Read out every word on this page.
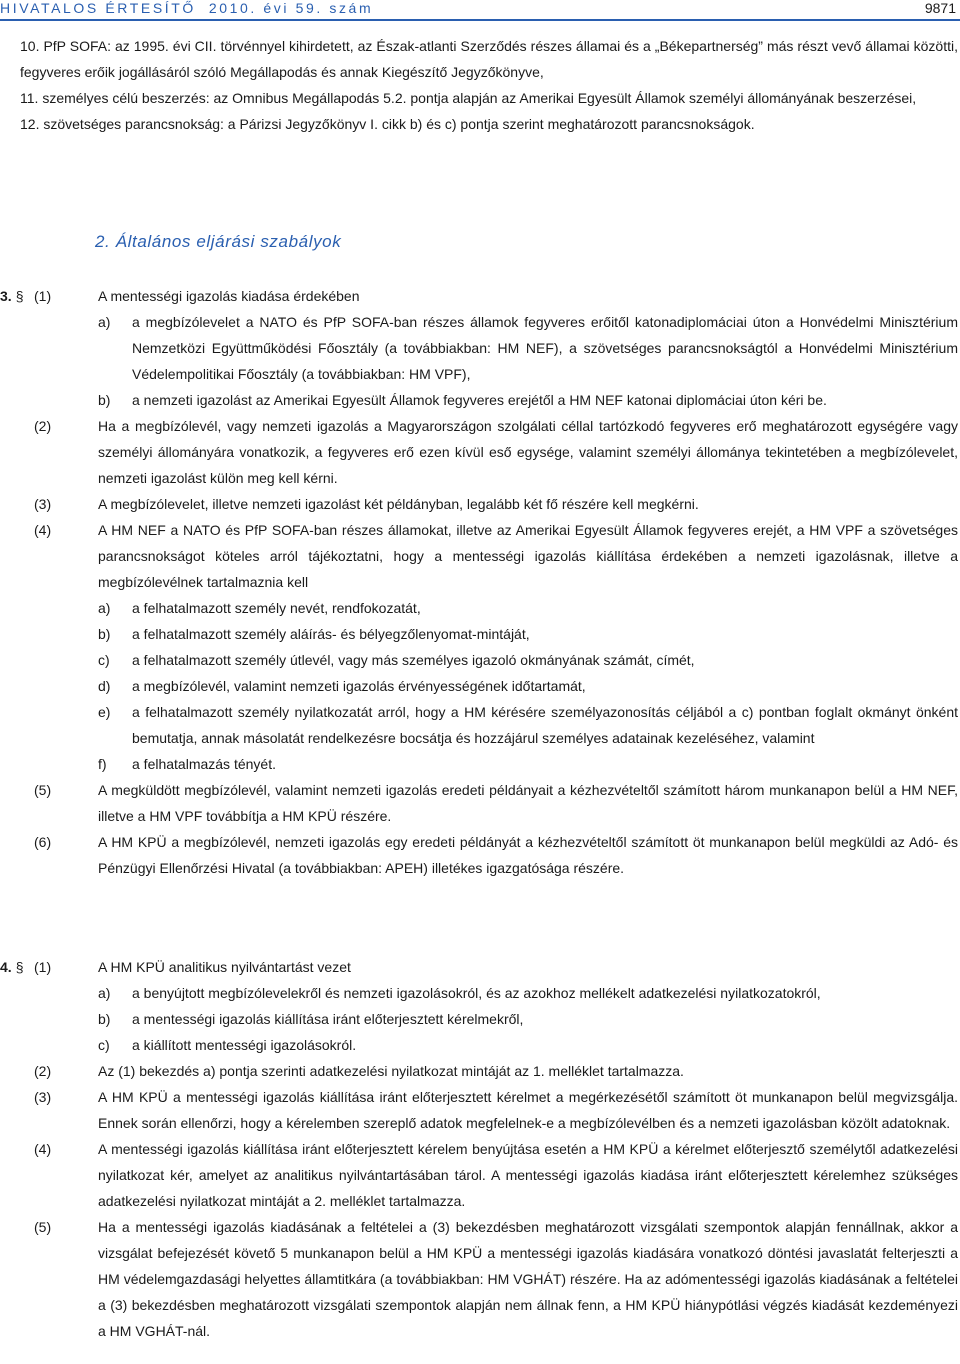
HIVATALOS ÉRTESÍTŐ 2010. évi 59. szám	9871

10. PfP SOFA: az 1995. évi CII. törvénnyel kihirdetett, az Észak-atlanti Szerződés részes államai és a „Békepartnerség” más részt vevő államai közötti, fegyveres erőik jogállásáról szóló Megállapodás és annak Kiegészítő Jegyzőkönyve,

11. személyes célú beszerzés: az Omnibus Megállapodás 5.2. pontja alapján az Amerikai Egyesült Államok személyi állományának beszerzései,

12. szövetséges parancsnokság: a Párizsi Jegyzőkönyv I. cikk b) és c) pontja szerint meghatározott parancsnokságok.

2. Általános eljárási szabályok
3. § (1)	A mentességi igazolás kiadása érdekében
a)	a megbízólevelet a NATO és PfP SOFA-ban részes államok fegyveres erőitől katonadiplomáciai úton a Honvédelmi Minisztérium Nemzetközi Együttműködési Főosztály (a továbbiakban: HM NEF), a szövetséges parancsnokságtól a Honvédelmi Minisztérium Védelempolitikai Főosztály (a továbbiakban: HM VPF),
b)	a nemzeti igazolást az Amerikai Egyesült Államok fegyveres erejétől a HM NEF katonai diplomáciai úton kéri be.
(2)	Ha a megbízólevél, vagy nemzeti igazolás a Magyarországon szolgálati céllal tartózkodó fegyveres erő meghatározott egységére vagy személyi állományára vonatkozik, a fegyveres erő ezen kívül eső egysége, valamint személyi állománya tekintetében a megbízólevelet, nemzeti igazolást külön meg kell kérni.
(3)	A megbízólevelet, illetve nemzeti igazolást két példányban, legalább két fő részére kell megkérni.
(4)	A HM NEF a NATO és PfP SOFA-ban részes államokat, illetve az Amerikai Egyesült Államok fegyveres erejét, a HM VPF a szövetséges parancsnokságot köteles arról tájékoztatni, hogy a mentességi igazolás kiállítása érdekében a nemzeti igazolásnak, illetve a megbízólevélnek tartalmaznia kell
a)	a felhatalmazott személy nevét, rendfokozatát,
b)	a felhatalmazott személy aláírás- és bélyegzőlenyomat-mintáját,
c)	a felhatalmazott személy útlevél, vagy más személyes igazoló okmányának számát, címét,
d)	a megbízólevél, valamint nemzeti igazolás érvényességének időtartamát,
e)	a felhatalmazott személy nyilatkozatát arról, hogy a HM kérésére személyazonosítás céljából a c) pontban foglalt okmányt önként bemutatja, annak másolatát rendelkezésre bocsátja és hozzájárul személyes adatainak kezeléséhez, valamint
f)	a felhatalmazás tényét.
(5)	A megküldött megbízólevél, valamint nemzeti igazolás eredeti példányait a kézhezvételtől számított három munkanapon belül a HM NEF, illetve a HM VPF továbbítja a HM KPÜ részére.
(6)	A HM KPÜ a megbízólevél, nemzeti igazolás egy eredeti példányát a kézhezvételtől számított öt munkanapon belül megküldi az Adó- és Pénzügyi Ellenőrzési Hivatal (a továbbiakban: APEH) illetékes igazgatósága részére.
4. § (1)	A HM KPÜ analitikus nyilvántartást vezet
a)	a benyújtott megbízólevelekről és nemzeti igazolásokról, és az azokhoz mellékelt adatkezelési nyilatkozatokról,
b)	a mentességi igazolás kiállítása iránt előterjesztett kérelmekről,
c)	a kiállított mentességi igazolásokról.
(2)	Az (1) bekezdés a) pontja szerinti adatkezelési nyilatkozat mintáját az 1. melléklet tartalmazza.
(3)	A HM KPÜ a mentességi igazolás kiállítása iránt előterjesztett kérelmet a megérkezésétől számított öt munkanapon belül megvizsgálja. Ennek során ellenőrzi, hogy a kérelemben szereplő adatok megfelelnek-e a megbízólevélben és a nemzeti igazolásban közölt adatoknak.
(4)	A mentességi igazolás kiállítása iránt előterjesztett kérelem benyújtása esetén a HM KPÜ a kérelmet előterjesztő személytől adatkezelési nyilatkozat kér, amelyet az analitikus nyilvántartásában tárol. A mentességi igazolás kiadása iránt előterjesztett kérelemhez szükséges adatkezelési nyilatkozat mintáját a 2. melléklet tartalmazza.
(5)	Ha a mentességi igazolás kiadásának a feltételei a (3) bekezdésben meghatározott vizsgálati szempontok alapján fennállnak, akkor a vizsgálat befejezését követő 5 munkanapon belül a HM KPÜ a mentességi igazolás kiadására vonatkozó döntési javaslatát felterjeszti a HM védelemgazdasági helyettes államtitkára (a továbbiakban: HM VGHÁT) részére. Ha az adómentességi igazolás kiadásának a feltételei a (3) bekezdésben meghatározott vizsgálati szempontok alapján nem állnak fenn, a HM KPÜ hiánypótlási végzés kiadását kezdeményezi a HM VGHÁT-nál.
